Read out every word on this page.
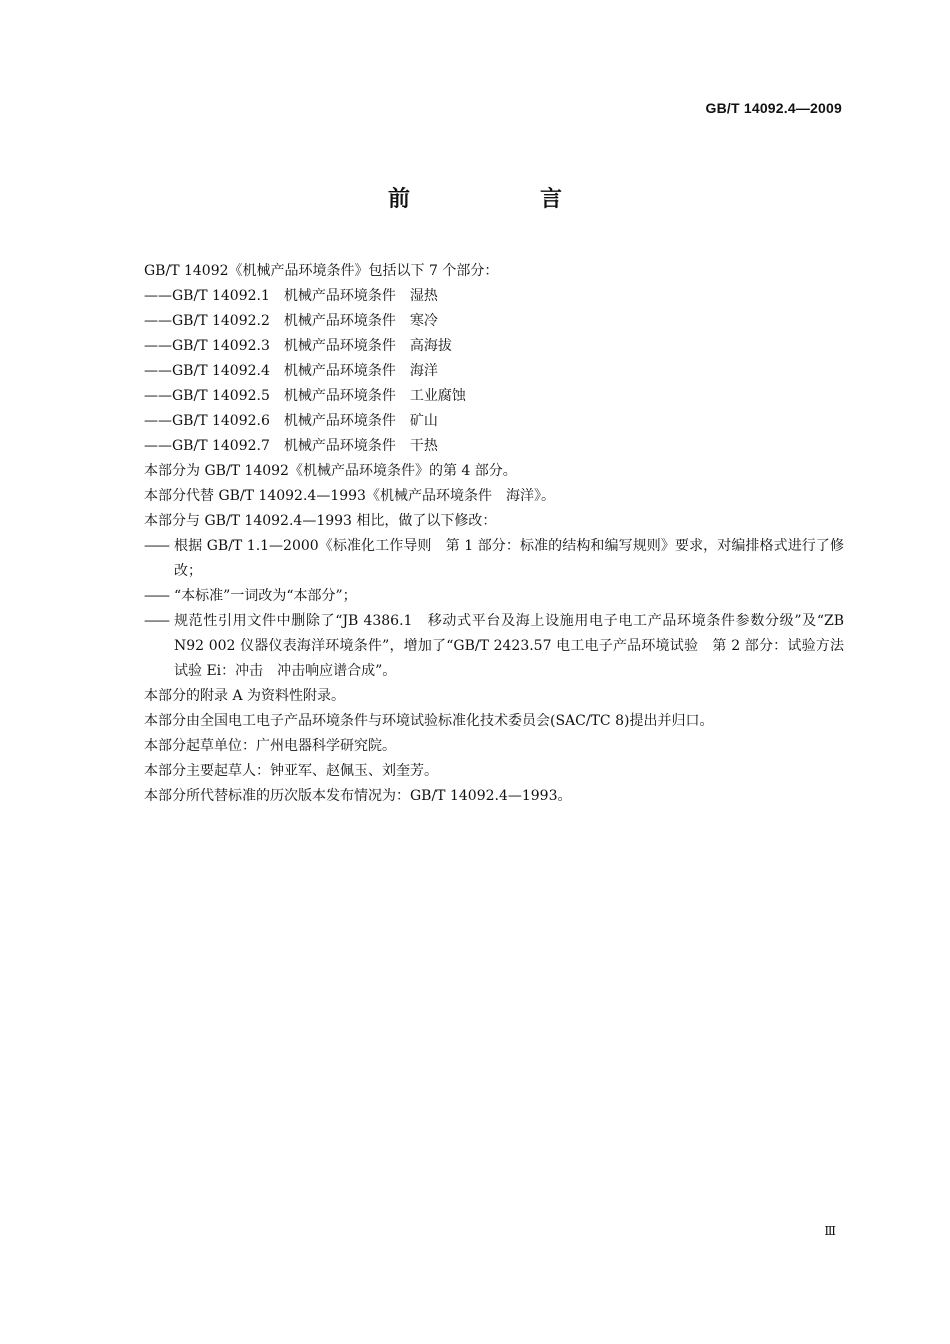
GB/T 14092.4—2009
前　言
GB/T 14092《机械产品环境条件》包括以下 7 个部分：
——GB/T 14092.1 机械产品环境条件 湿热
——GB/T 14092.2 机械产品环境条件 寒冷
——GB/T 14092.3 机械产品环境条件 高海拔
——GB/T 14092.4 机械产品环境条件 海洋
——GB/T 14092.5 机械产品环境条件 工业腐蚀
——GB/T 14092.6 机械产品环境条件 矿山
——GB/T 14092.7 机械产品环境条件 干热
本部分为 GB/T 14092《机械产品环境条件》的第 4 部分。
本部分代替 GB/T 14092.4—1993《机械产品环境条件　海洋》。
本部分与 GB/T 14092.4—1993 相比，做了以下修改：
—— 根据 GB/T 1.1—2000《标准化工作导则　第 1 部分：标准的结构和编写规则》要求，对编排格式进行了修改；
—— “本标准”一词改为“本部分”；
—— 规范性引用文件中删除了“JB 4386.1　移动式平台及海上设施用电子电工产品环境条件参数分级”及“ZB N92 002 仪器仪表海洋环境条件”，增加了“GB/T 2423.57 电工电子产品环境试验　第 2 部分：试验方法　试验 Ei：冲击　冲击响应谱合成”。
本部分的附录 A 为资料性附录。
本部分由全国电工电子产品环境条件与环境试验标准化技术委员会(SAC/TC 8)提出并归口。
本部分起草单位：广州电器科学研究院。
本部分主要起草人：钟亚军、赵佩玉、刘奎芳。
本部分所代替标准的历次版本发布情况为：GB/T 14092.4—1993。
Ⅲ
